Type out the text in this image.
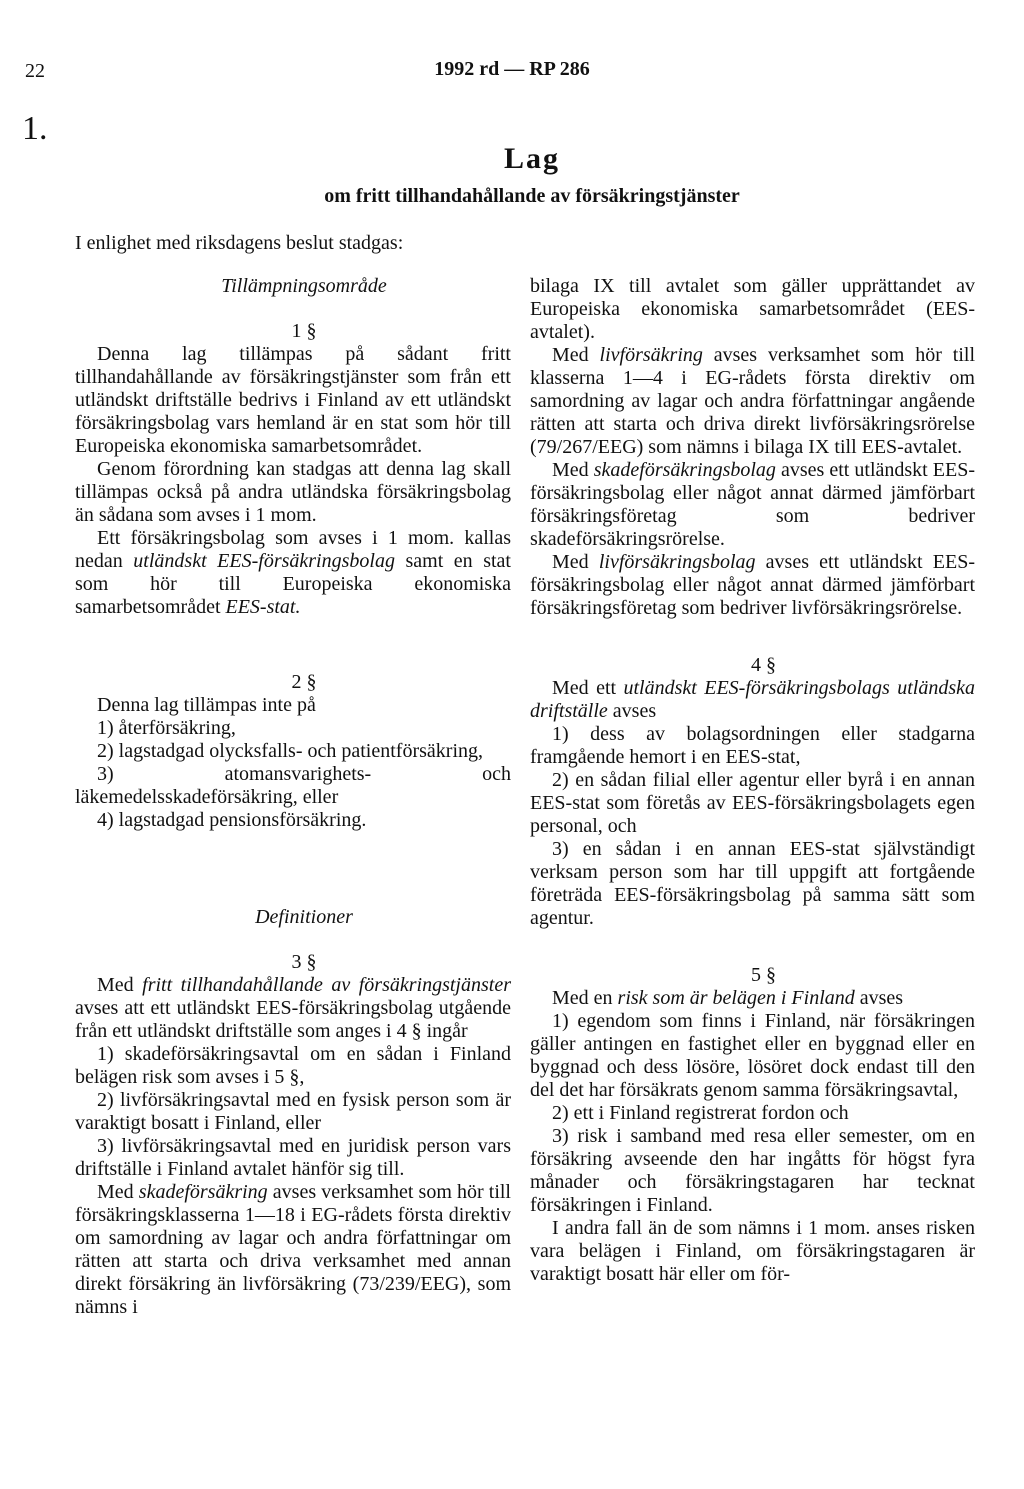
22	1992 rd — RP 286
1.
Lag
om fritt tillhandahållande av försäkringstjänster
I enlighet med riksdagens beslut stadgas:

Tillämpningsområde

1 §

Denna lag tillämpas på sådant fritt tillhandahållande av försäkringstjänster som från ett utländskt driftställe bedrivs i Finland av ett utländskt försäkringsbolag vars hemland är en stat som hör till Europeiska ekonomiska samarbetsområdet.

Genom förordning kan stadgas att denna lag skall tillämpas också på andra utländska försäkringsbolag än sådana som avses i 1 mom.

Ett försäkringsbolag som avses i 1 mom. kallas nedan utländskt EES-försäkringsbolag samt en stat som hör till Europeiska ekonomiska samarbetsområdet EES-stat.

2 §

Denna lag tillämpas inte på

1) återförsäkring,

2) lagstadgad olycksfalls- och patientförsäkring,

3) atomansvarighets- och läkemedelsskadeförsäkring, eller

4) lagstadgad pensionsförsäkring.

Definitioner

3 §

Med fritt tillhandahållande av försäkringstjänster avses att ett utländskt EES-försäkringsbolag utgående från ett utländskt driftställe som anges i 4 § ingår

1) skadeförsäkringsavtal om en sådan i Finland belägen risk som avses i 5 §,

2) livförsäkringsavtal med en fysisk person som är varaktigt bosatt i Finland, eller

3) livförsäkringsavtal med en juridisk person vars driftställe i Finland avtalet hänför sig till.

Med skadeförsäkring avses verksamhet som hör till försäkringsklasserna 1—18 i EG-rådets första direktiv om samordning av lagar och andra författningar om rätten att starta och driva verksamhet med annan direkt försäkring än livförsäkring (73/239/EEG), som nämns i

bilaga IX till avtalet som gäller upprättandet av Europeiska ekonomiska samarbetsområdet (EES-avtalet).

Med livförsäkring avses verksamhet som hör till klasserna 1—4 i EG-rådets första direktiv om samordning av lagar och andra författningar angående rätten att starta och driva direkt livförsäkringsrörelse (79/267/EEG) som nämns i bilaga IX till EES-avtalet.

Med skadeförsäkringsbolag avses ett utländskt EES-försäkringsbolag eller något annat därmed jämförbart försäkringsföretag som bedriver skadeförsäkringsrörelse.

Med livförsäkringsbolag avses ett utländskt EES-försäkringsbolag eller något annat därmed jämförbart försäkringsföretag som bedriver livförsäkringsrörelse.

4 §

Med ett utländskt EES-försäkringsbolags utländska driftställe avses

1) dess av bolagsordningen eller stadgarna framgående hemort i en EES-stat,

2) en sådan filial eller agentur eller byrå i en annan EES-stat som företås av EES-försäkringsbolagets egen personal, och

3) en sådan i en annan EES-stat självständigt verksam person som har till uppgift att fortgående företräda EES-försäkringsbolag på samma sätt som agentur.

5 §

Med en risk som är belägen i Finland avses

1) egendom som finns i Finland, när försäkringen gäller antingen en fastighet eller en byggnad eller en byggnad och dess lösöre, lösöret dock endast till den del det har försäkrats genom samma försäkringsavtal,

2) ett i Finland registrerat fordon och

3) risk i samband med resa eller semester, om en försäkring avseende den har ingåtts för högst fyra månader och försäkringstagaren har tecknat försäkringen i Finland.

I andra fall än de som nämns i 1 mom. anses risken vara belägen i Finland, om försäkringstagaren är varaktigt bosatt här eller om för-
